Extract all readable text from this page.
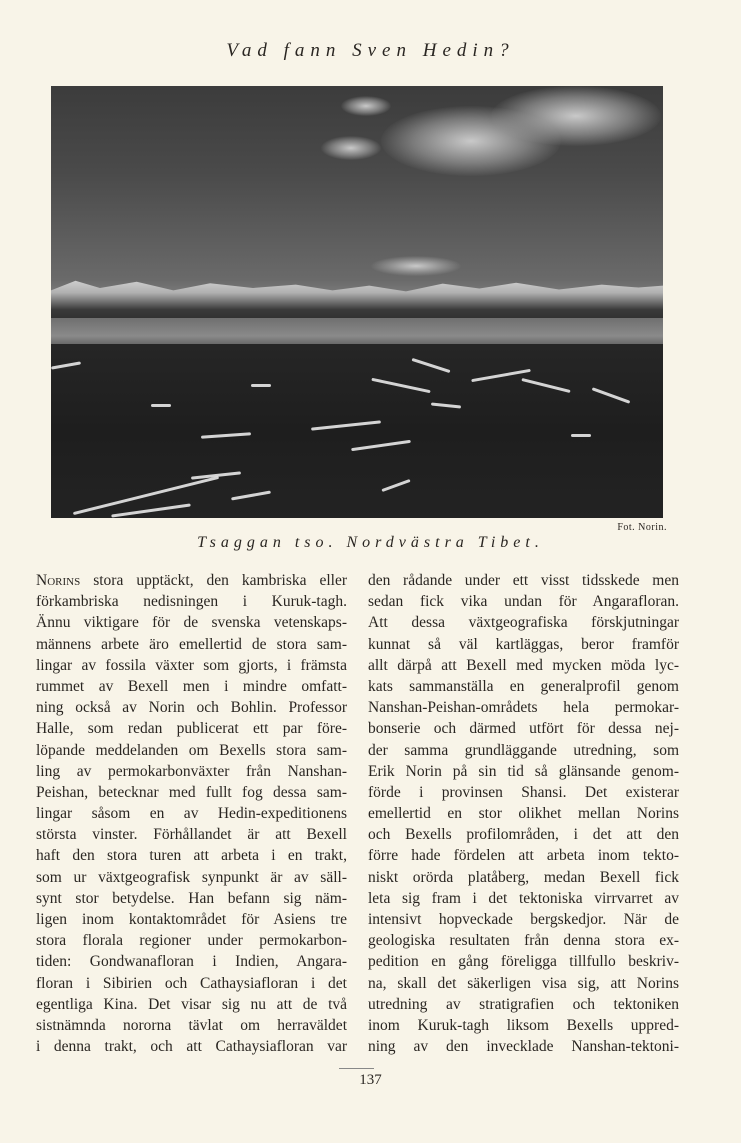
Vad fann Sven Hedin?
Fot. Norin.
Tsaggan tso. Nordvästra Tibet.
Norins stora upptäckt, den kambriska eller
förkambriska nedisningen i Kuruk-tagh.
Ännu viktigare för de svenska vetenskaps-
männens arbete äro emellertid de stora sam-
lingar av fossila växter som gjorts, i främsta
rummet av Bexell men i mindre omfatt-
ning också av Norin och Bohlin. Professor
Halle, som redan publicerat ett par före-
löpande meddelanden om Bexells stora sam-
ling av permokarbonväxter från Nanshan-
Peishan, betecknar med fullt fog dessa sam-
lingar såsom en av Hedin-expeditionens
största vinster. Förhållandet är att Bexell
haft den stora turen att arbeta i en trakt,
som ur växtgeografisk synpunkt är av säll-
synt stor betydelse. Han befann sig näm-
ligen inom kontaktområdet för Asiens tre
stora florala regioner under permokarbon-
tiden: Gondwanafloran i Indien, Angara-
floran i Sibirien och Cathaysiafloran i det
egentliga Kina. Det visar sig nu att de två
sistnämnda nororna tävlat om herraväldet
i denna trakt, och att Cathaysiafloran var
den rådande under ett visst tidsskede men
sedan fick vika undan för Angarafloran.
Att dessa växtgeografiska förskjutningar
kunnat så väl kartläggas, beror framför
allt därpå att Bexell med mycken möda lyc-
kats sammanställa en generalprofil genom
Nanshan-Peishan-områdets hela permokar-
bonserie och därmed utfört för dessa nej-
der samma grundläggande utredning, som
Erik Norin på sin tid så glänsande genom-
förde i provinsen Shansi. Det existerar
emellertid en stor olikhet mellan Norins
och Bexells profilområden, i det att den
förre hade fördelen att arbeta inom tekto-
niskt orörda platåberg, medan Bexell fick
leta sig fram i det tektoniska virrvarret av
intensivt hopveckade bergskedjor. När de
geologiska resultaten från denna stora ex-
pedition en gång föreligga tillfullo beskriv-
na, skall det säkerligen visa sig, att Norins
utredning av stratigrafien och tektoniken
inom Kuruk-tagh liksom Bexells uppred-
ning av den invecklade Nanshan-tektoni-
137
